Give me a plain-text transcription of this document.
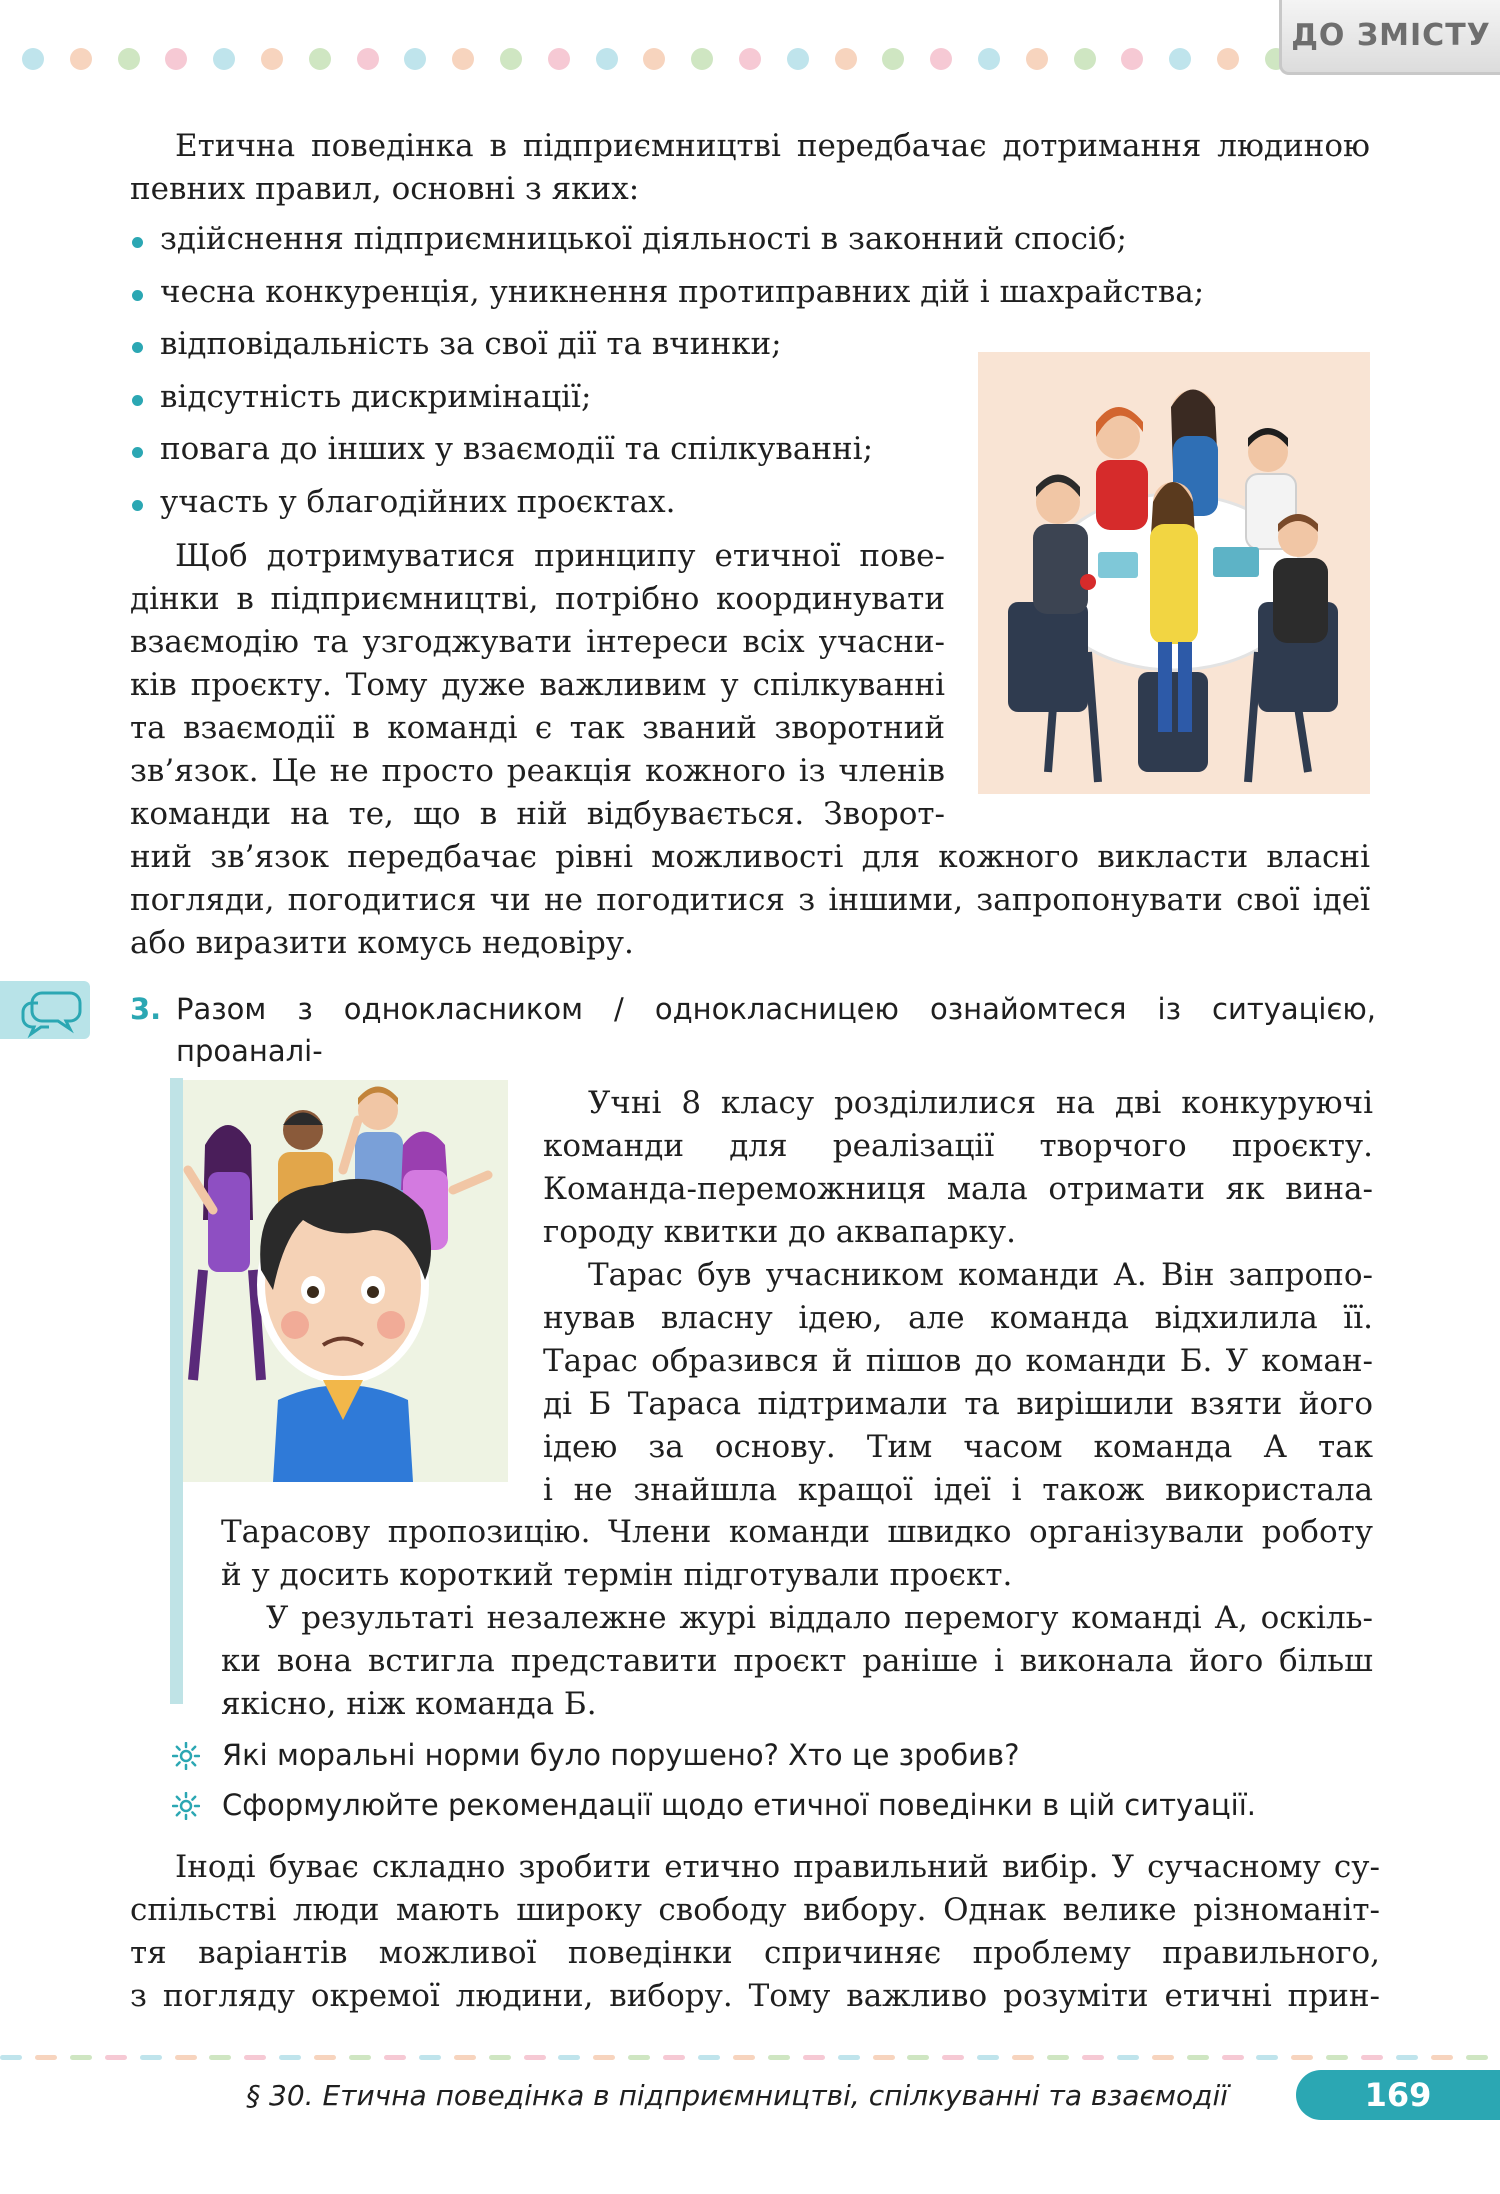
ДО ЗМІСТУ

Етична поведінка в підприємництві передбачає дотримання людиною

певних правил, основні з яких:

здійснення підприємницької діяльності в законний спосіб;
чесна конкуренція, уникнення протиправних дій і шахрайства;
відповідальність за свої дії та вчинки;
відсутність дискримінації;
повага до інших у взаємодії та спілкуванні;
участь у благодійних проєктах.

Щоб дотримуватися принципу етичної пове-

дінки в підприємництві, потрібно координувати

взаємодію та узгоджувати інтереси всіх учасни-

ків проєкту. Тому дуже важливим у спілкуванні

та взаємодії в команді є так званий зворотний

зв’язок. Це не просто реакція кожного із членів

команди на те, що в ній відбувається. Зворот-

ний зв’язок передбачає рівні можливості для кожного викласти власні

погляди, погодитися чи не погодитися з іншими, запропонувати свої ідеї

або виразити комусь недовіру.

3. Разом з однокласником / однокласницею ознайомтеся із ситуацією, проаналі-

Учні 8 класу розділилися на дві конкуруючі

команди для реалізації творчого проєкту.

Команда-переможниця мала отримати як вина-

городу квитки до аквапарку.

Тарас був учасником команди А. Він запропо-

нував власну ідею, але команда відхилила її.

Тарас образився й пішов до команди Б. У коман-

ді Б Тараса підтримали та вирішили взяти його

ідею за основу. Тим часом команда А так

і не знайшла кращої ідеї і також використала

Тарасову пропозицію. Члени команди швидко організували роботу

й у досить короткий термін підготували проєкт.

У результаті незалежне журі віддало перемогу команді А, оскіль-

ки вона встигла представити проєкт раніше і виконала його більш

якісно, ніж команда Б.

Які моральні норми було порушено? Хто це зробив?
Сформулюйте рекомендації щодо етичної поведінки в цій ситуації.

Іноді буває складно зробити етично правильний вибір. У сучасному су-

спільстві люди мають широку свободу вибору. Однак велике різноманіт-

тя варіантів можливої поведінки спричиняє проблему правильного,

з погляду окремої людини, вибору. Тому важливо розуміти етичні прин-

§ 30. Етична поведінка в підприємництві, спілкуванні та взаємодії	169
